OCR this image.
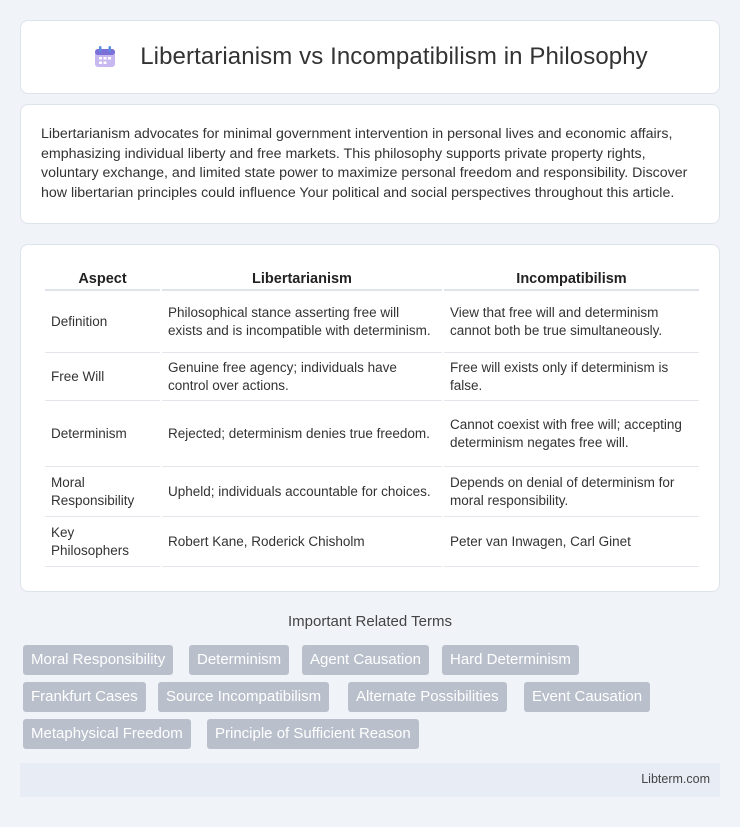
Libertarianism vs Incompatibilism in Philosophy

Libertarianism advocates for minimal government intervention in personal lives and economic affairs, emphasizing individual liberty and free markets. This philosophy supports private property rights, voluntary exchange, and limited state power to maximize personal freedom and responsibility. Discover how libertarian principles could influence Your political and social perspectives throughout this article.

Aspect	Libertarianism	Incompatibilism
Definition	Philosophical stance asserting free will exists and is incompatible with determinism.	View that free will and determinism cannot both be true simultaneously.
Free Will	Genuine free agency; individuals have control over actions.	Free will exists only if determinism is false.
Determinism	Rejected; determinism denies true freedom.	Cannot coexist with free will; accepting determinism negates free will.
Moral Responsibility	Upheld; individuals accountable for choices.	Depends on denial of determinism for moral responsibility.
Key Philosophers	Robert Kane, Roderick Chisholm	Peter van Inwagen, Carl Ginet
Important Related Terms
Moral Responsibility	Determinism	Agent Causation	Hard Determinism
Frankfurt Cases	Source Incompatibilism	Alternate Possibilities	Event Causation
Metaphysical Freedom	Principle of Sufficient Reason
Libterm.com
